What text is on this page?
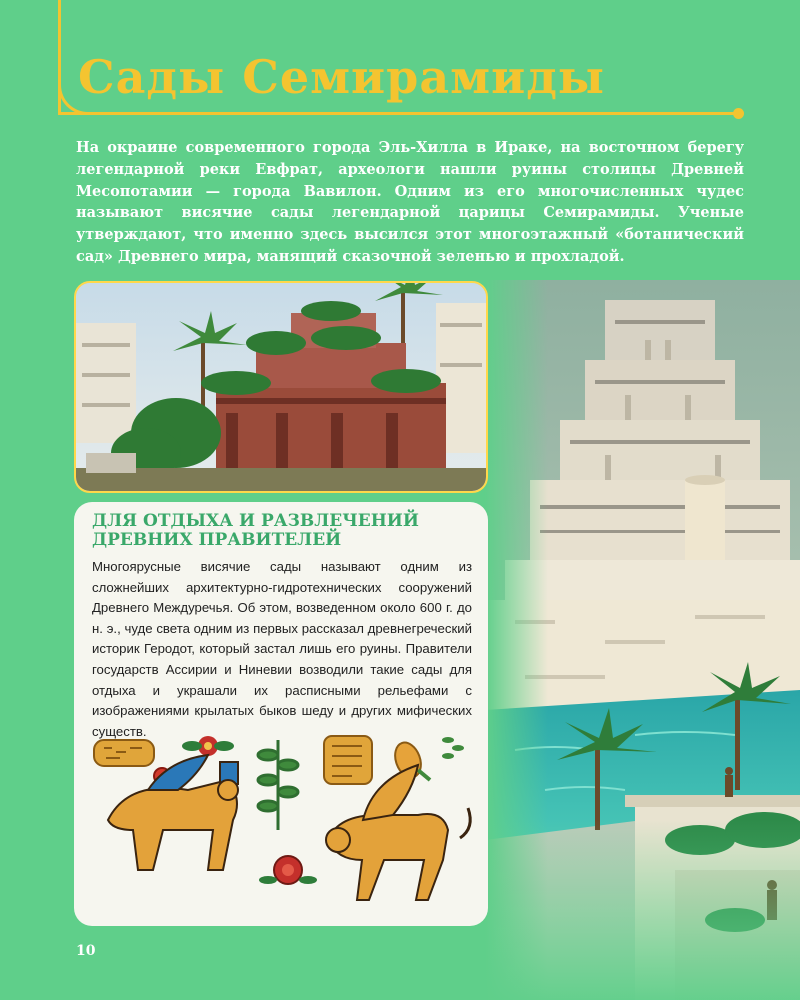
Сады Семирамиды

На окраине современного города Эль-Хилла в Ираке, на восточном берегу легендарной реки Евфрат, археологи нашли руины столицы Древней Месопотамии — города Вавилон. Одним из его многочисленных чудес называют висячие сады легендарной царицы Семирамиды. Ученые утверждают, что именно здесь высился этот многоэтажный «ботанический сад» Древнего мира, манящий сказочной зеленью и прохладой.

ДЛЯ ОТДЫХА И РАЗВЛЕЧЕНИЙ ДРЕВНИХ ПРАВИТЕЛЕЙ

Многоярусные висячие сады называют одним из сложнейших архитектурно-гидротехнических сооружений Древнего Междуречья. Об этом, возведенном около 600 г. до н. э., чуде света одним из первых рассказал древнегреческий историк Геродот, который застал лишь его руины. Правители государств Ассирии и Ниневии возводили такие сады для отдыха и украшали их расписными рельефами с изображениями крылатых быков шеду и других мифических существ.

10
